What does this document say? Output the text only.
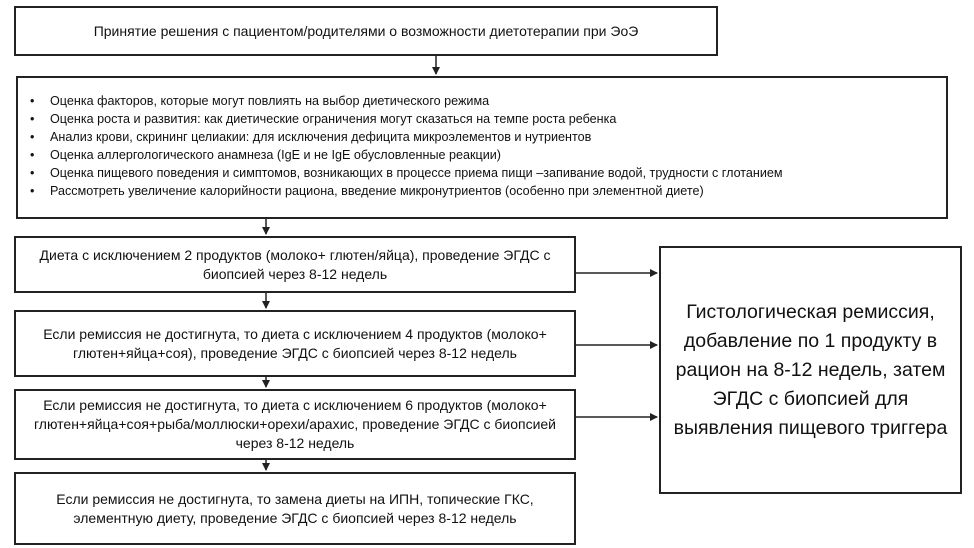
Принятие решения с пациентом/родителями о возможности диетотерапии при ЭоЭ
• Оценка факторов, которые могут повлиять на выбор диетического режима
• Оценка роста и развития: как диетические ограничения могут сказаться на темпе роста ребенка
• Анализ крови, скрининг целиакии: для исключения дефицита микроэлементов и нутриентов
• Оценка аллергологического анамнеза (IgE и не IgE обусловленные реакции)
• Оценка пищевого поведения и симптомов, возникающих в процессе приема пищи –запивание водой, трудности с глотанием
• Рассмотреть увеличение калорийности рациона, введение микронутриентов (особенно при элементной диете)
Диета с исключением 2 продуктов (молоко+ глютен/яйца), проведение ЭГДС с биопсией через 8-12 недель
Если ремиссия не достигнута, то диета с исключением 4 продуктов (молоко+ глютен+яйца+соя), проведение ЭГДС с биопсией через 8-12 недель
Если ремиссия не достигнута, то диета с исключением 6 продуктов (молоко+ глютен+яйца+соя+рыба/моллюски+орехи/арахис, проведение ЭГДС с биопсией через 8-12 недель
Если ремиссия не достигнута, то замена диеты на ИПН, топические ГКС, элементную диету, проведение ЭГДС с биопсией через 8-12 недель
Гистологическая ремиссия, добавление по 1 продукту в рацион на 8-12 недель, затем ЭГДС с биопсией для выявления пищевого триггера
